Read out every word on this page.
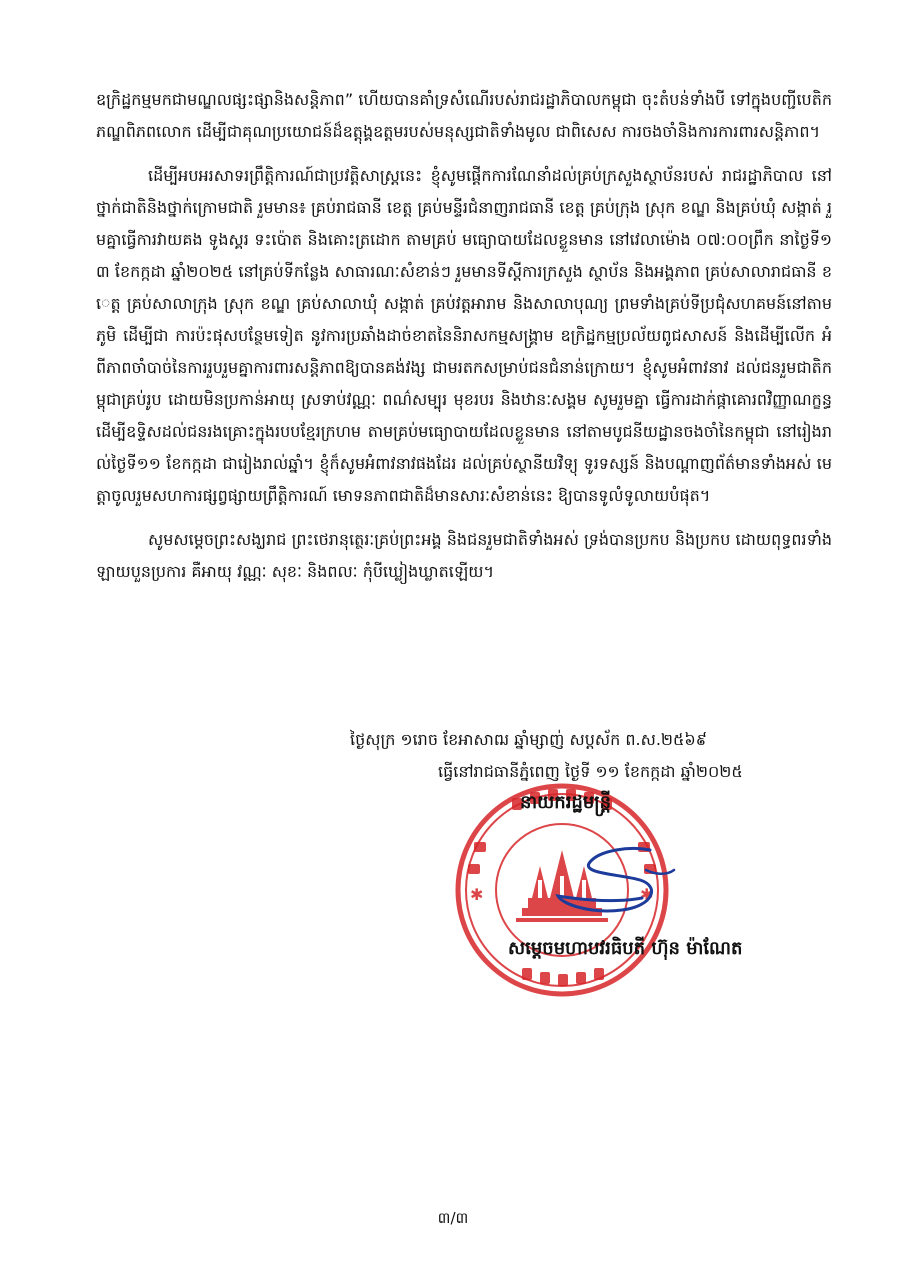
ឧក្រិដ្ឋកម្មមកជាមណ្ឌលផ្សះផ្សានិងសន្តិភាព” ហើយបានគាំទ្រសំណើរបស់រាជរដ្ឋាភិបាលកម្ពុជា ចុះតំបន់ទាំងបី ទៅក្នុងបញ្ជីបេតិកភណ្ឌពិភពលោក ដើម្បីជាគុណប្រយោជន៍ដ៏ឧត្តុង្គឧត្តមរបស់មនុស្សជាតិទាំងមូល ជាពិសេស ការចងចាំនិងការការពារសន្តិភាព។

ដើម្បីអបអរសាទរព្រឹត្តិការណ៍ជាប្រវត្តិសាស្ត្រនេះ ខ្ញុំសូមផ្ដើកការណែនាំដល់គ្រប់ក្រសួងស្ថាប័នរបស់ រាជរដ្ឋាភិបាល នៅថ្នាក់ជាតិនិងថ្នាក់ក្រោមជាតិ រួមមាន៖ គ្រប់រាជធានី ខេត្ត គ្រប់មន្ទីរជំនាញរាជធានី ខេត្ត គ្រប់ក្រុង ស្រុក ខណ្ឌ និងគ្រប់ឃុំ សង្កាត់ រួមគ្នាធ្វើការវាយគង ទូងស្គរ ទះប៉ោត និងគោះត្រដោក តាមគ្រប់ មធ្យោបាយដែលខ្លួនមាន នៅវេលាម៉ោង ០៧:០០ព្រឹក នាថ្ងៃទី១៣ ខែកក្កដា ឆ្នាំ២០២៥ នៅគ្រប់ទីកន្លែង សាធារណៈសំខាន់ៗ រួមមានទីស្តីការក្រសួង ស្ថាប័ន និងអង្គភាព គ្រប់សាលារាជធានី ខេត្ត គ្រប់សាលាក្រុង ស្រុក ខណ្ឌ គ្រប់សាលាឃុំ សង្កាត់ គ្រប់វត្តអារាម និងសាលាបុណ្យ ព្រមទាំងគ្រប់ទីប្រជុំសហគមន៍នៅតាមភូមិ ដើម្បីជា ការប៉ះផុសបន្ថែមទៀត នូវការប្រឆាំងដាច់ខាតនៃនិរាសកម្មសង្គ្រាម ឧក្រិដ្ឋកម្មប្រល័យពូជសាសន៍ និងដើម្បីលើក អំពីភាពចាំបាច់នៃការរួបរួមគ្នាការពារសន្តិភាពឱ្យបានគង់វង្ស ជាមរតកសម្រាប់ជនជំនាន់ក្រោយ។ ខ្ញុំសូមអំពាវនាវ ដល់ជនរួមជាតិកម្ពុជាគ្រប់រូប ដោយមិនប្រកាន់អាយុ ស្រទាប់វណ្ណៈ ពណ៌សម្បុរ មុខរបរ និងឋានៈសង្គម សូមរួមគ្នា ធ្វើការដាក់ផ្កាគោរពវិញ្ញាណក្ខន្ធ ដើម្បីឧទ្ទិសដល់ជនរងគ្រោះក្នុងរបបខ្មែរក្រហម តាមគ្រប់មធ្យោបាយដែលខ្លួនមាន នៅតាមបូជនីយដ្ឋានចងចាំនៃកម្ពុជា នៅរៀងរាល់ថ្ងៃទី១១ ខែកក្កដា ជារៀងរាល់ឆ្នាំ។ ខ្ញុំក៏សូមអំពាវនាវផងដែរ ដល់គ្រប់ស្ថានីយវិទ្យុ ទូរទស្សន៍ និងបណ្ដាញព័ត៌មានទាំងអស់ មេត្តាចូលរួមសហការផ្សព្វផ្សាយព្រឹត្តិការណ៍ មោទនភាពជាតិដ៏មានសារៈសំខាន់នេះ ឱ្យបានទូលំទូលាយបំផុត។

សូមសម្តេចព្រះសង្ឃរាជ ព្រះថេរានុត្ថេរៈគ្រប់ព្រះអង្គ និងជនរួមជាតិទាំងអស់ ទ្រង់បានប្រកប និងប្រកប ដោយពុទ្ធពរទាំងឡាយបួនប្រការ គឺអាយុ វណ្ណៈ សុខៈ និងពលៈ កុំបីឃ្លៀងឃ្លាតឡើយ។

ថ្ងៃសុក្រ ១រោច ខែអាសាឍ ឆ្នាំម្សាញ់ សប្តស័ក ព.ស.២៥៦៩
ធ្វើនៅរាជធានីភ្នំពេញ ថ្ងៃទី ១១ ខែកក្កដា ឆ្នាំ២០២៥
✱	✱
នាយករដ្ឋមន្ត្រី
សម្តេចមហាបវរធិបតី ហ៊ុន ម៉ាណែត
៣/៣
